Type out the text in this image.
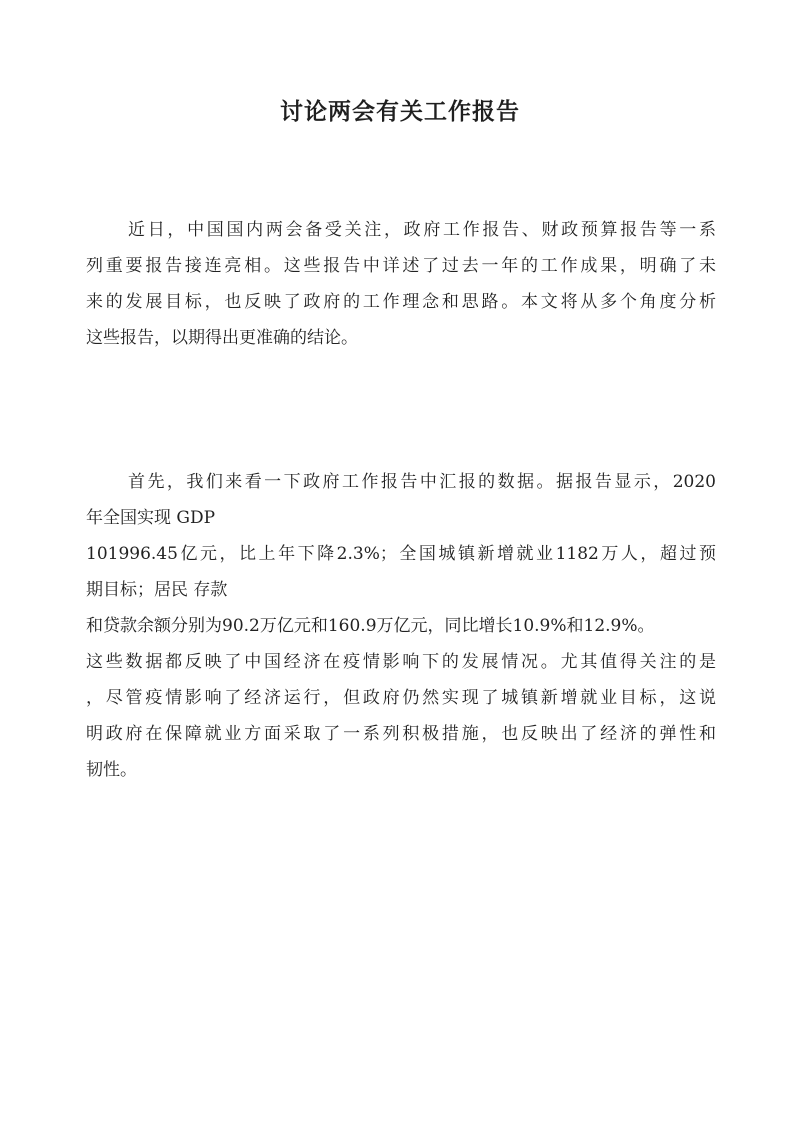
讨论两会有关工作报告
近日，中国国内两会备受关注，政府工作报告、财政预算报告等一系
列重要报告接连亮相。这些报告中详述了过去一年的工作成果，明确了未
来的发展目标，也反映了政府的工作理念和思路。本文将从多个角度分析
这些报告，以期得出更准确的结论。
首先，我们来看一下政府工作报告中汇报的数据。据报告显示，2020
年全国实现 GDP
101996.45亿元，比上年下降2.3%；全国城镇新增就业1182万人，超过预
期目标；居民 存款
和贷款余额分别为90.2万亿元和160.9万亿元，同比增长10.9%和12.9%。
这些数据都反映了中国经济在疫情影响下的发展情况。尤其值得关注的是
，尽管疫情影响了经济运行，但政府仍然实现了城镇新增就业目标，这说
明政府在保障就业方面采取了一系列积极措施，也反映出了经济的弹性和
韧性。
